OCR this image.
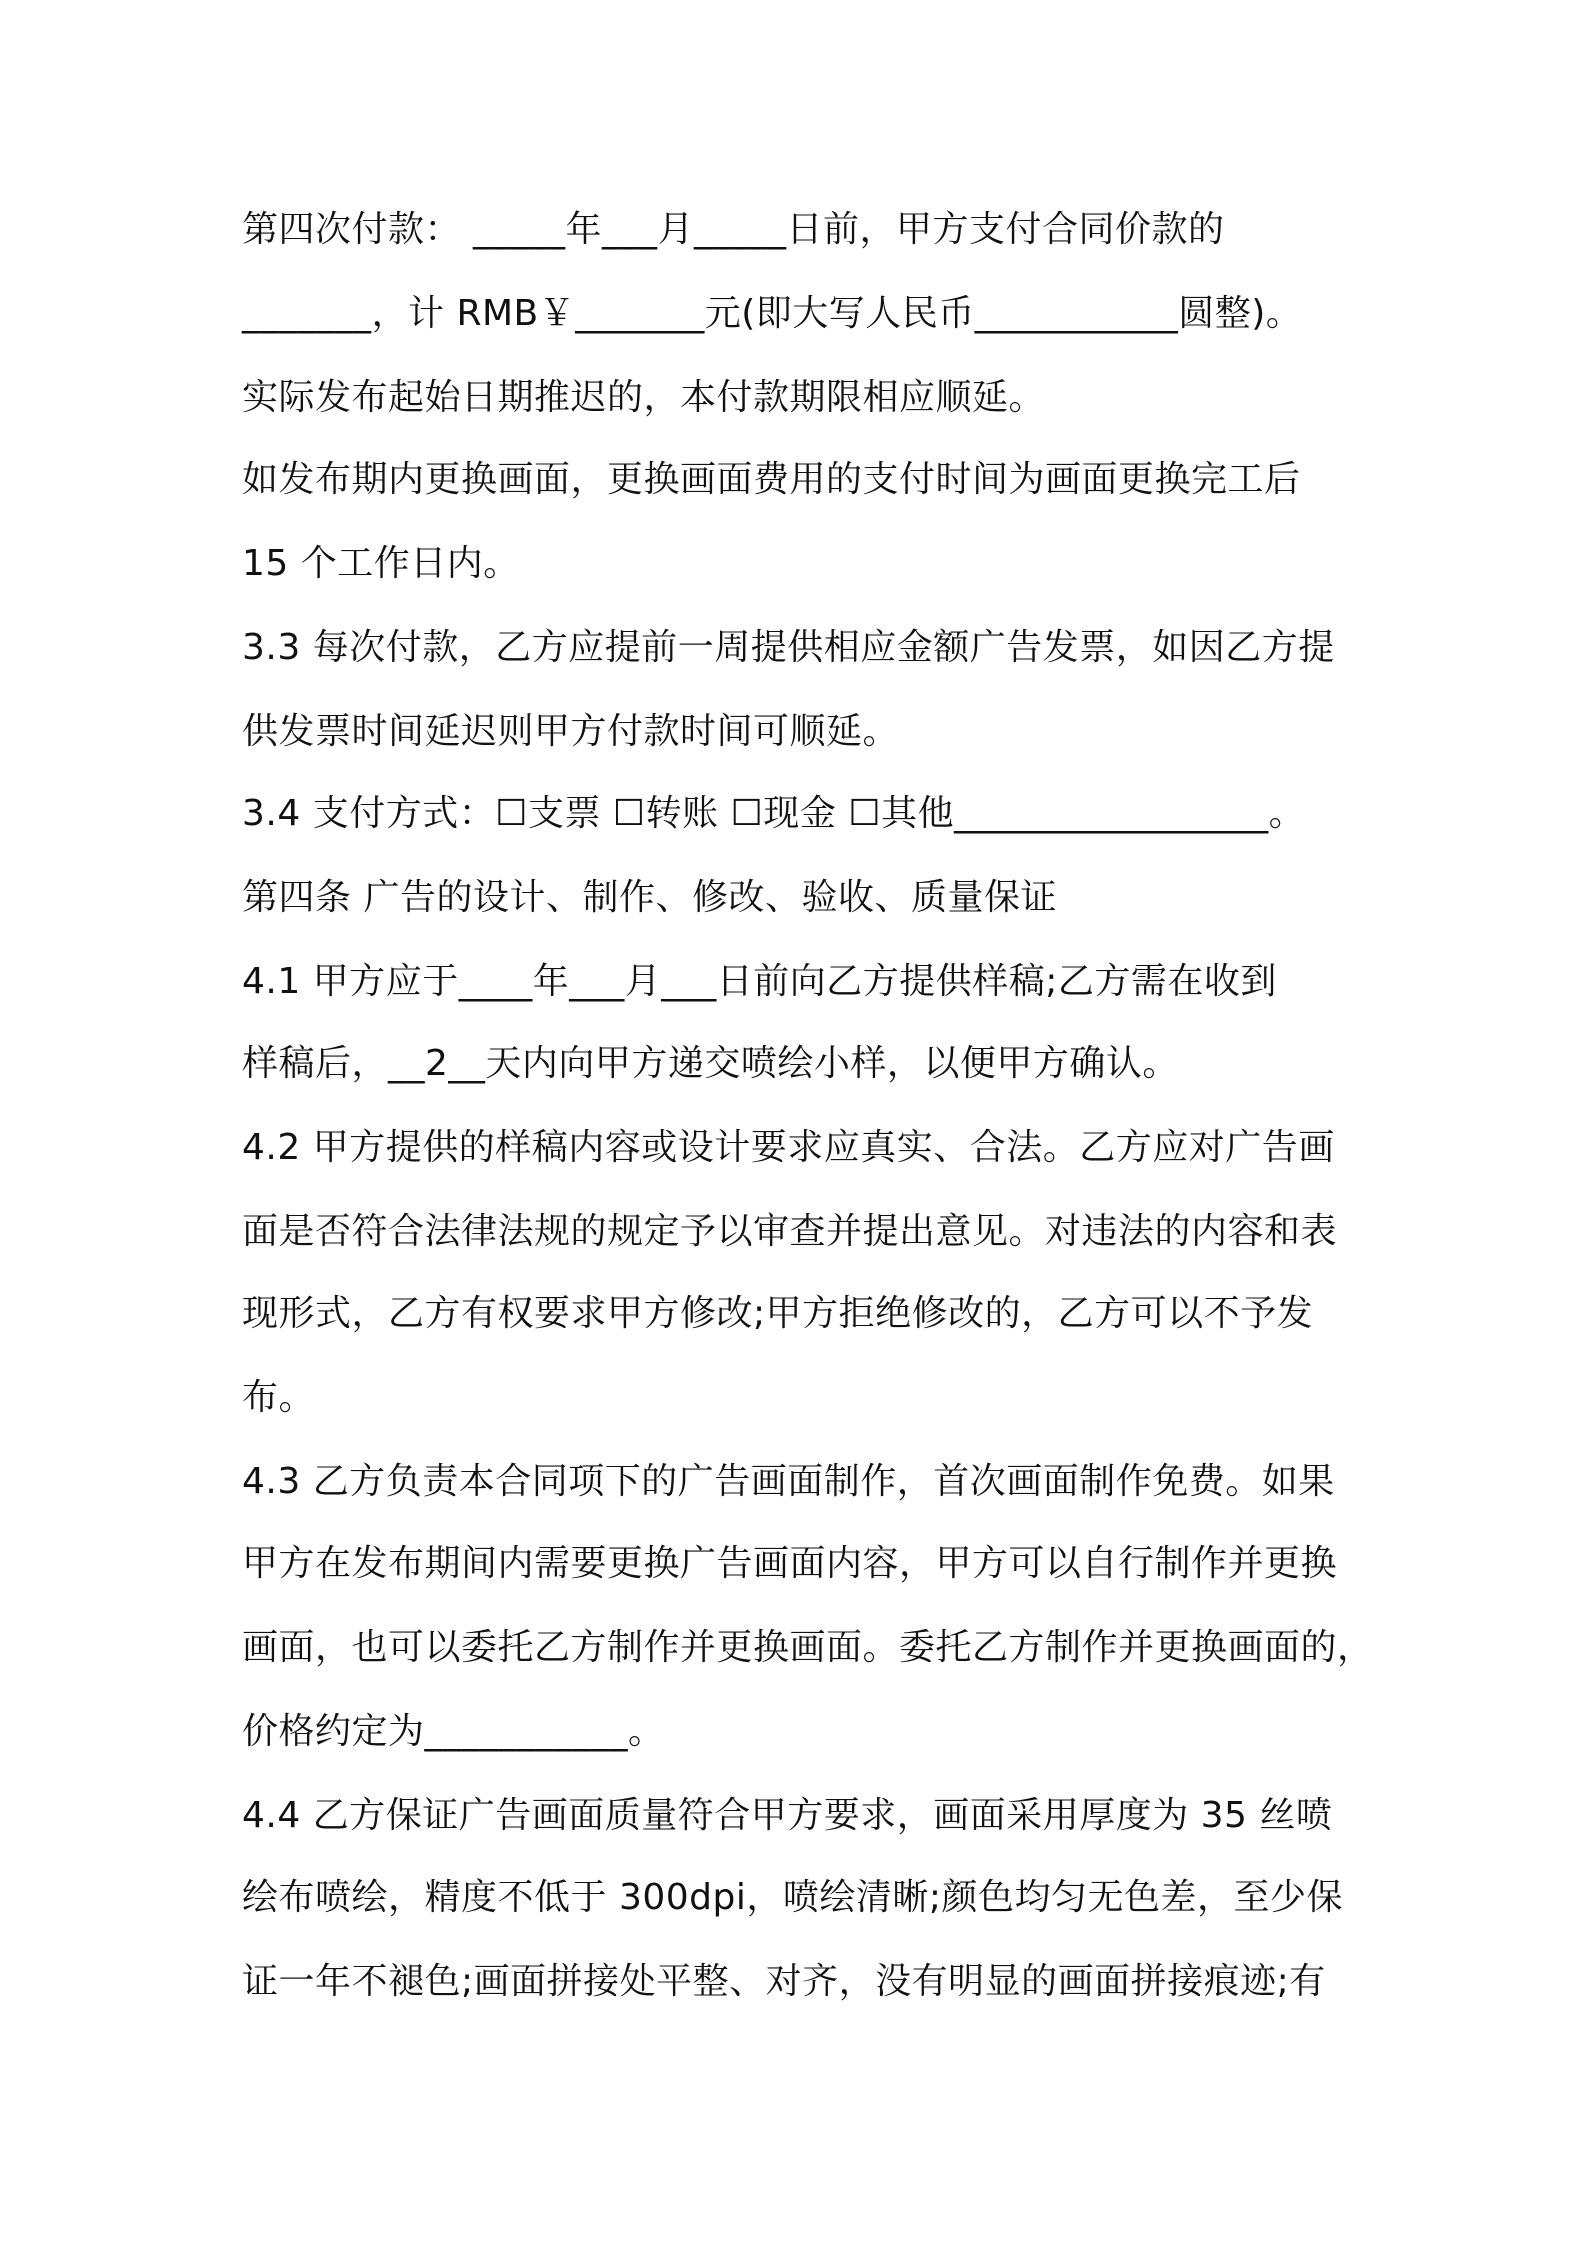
第四次付款： _____年___月_____日前，甲方支付合同价款的
_______，计 RMB￥_______元(即大写人民币___________圆整)。
实际发布起始日期推迟的，本付款期限相应顺延。
如发布期内更换画面，更换画面费用的支付时间为画面更换完工后
15 个工作日内。
3.3 每次付款，乙方应提前一周提供相应金额广告发票，如因乙方提
供发票时间延迟则甲方付款时间可顺延。
3.4 支付方式：☐支票 ☐转账 ☐现金 ☐其他_________________。
第四条 广告的设计、制作、修改、验收、质量保证
4.1 甲方应于____年___月___日前向乙方提供样稿;乙方需在收到
样稿后，__2__天内向甲方递交喷绘小样，以便甲方确认。
4.2 甲方提供的样稿内容或设计要求应真实、合法。乙方应对广告画
面是否符合法律法规的规定予以审查并提出意见。对违法的内容和表
现形式，乙方有权要求甲方修改;甲方拒绝修改的，乙方可以不予发
布。
4.3 乙方负责本合同项下的广告画面制作，首次画面制作免费。如果
甲方在发布期间内需要更换广告画面内容，甲方可以自行制作并更换
画面，也可以委托乙方制作并更换画面。委托乙方制作并更换画面的，
价格约定为___________。
4.4 乙方保证广告画面质量符合甲方要求，画面采用厚度为 35 丝喷
绘布喷绘，精度不低于 300dpi，喷绘清晰;颜色均匀无色差，至少保
证一年不褪色;画面拼接处平整、对齐，没有明显的画面拼接痕迹;有
